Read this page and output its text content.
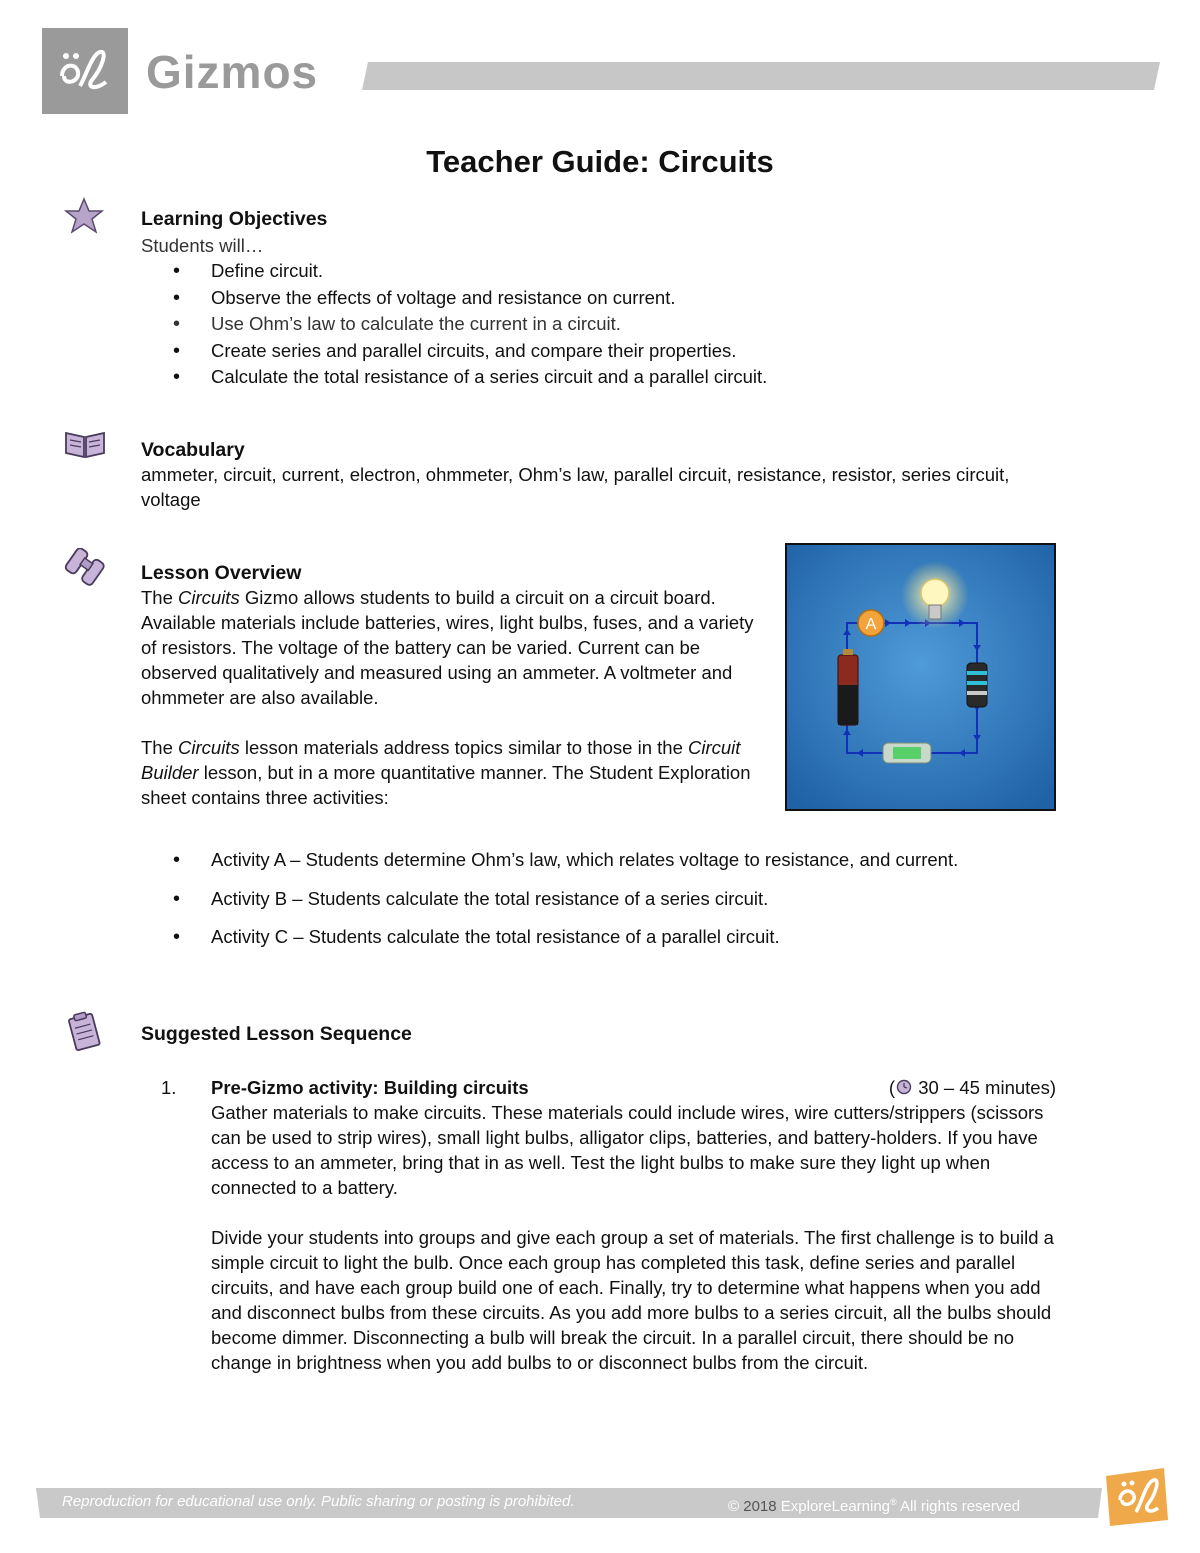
Gizmos
Teacher Guide: Circuits
Learning Objectives
Students will…
• Define circuit.
• Observe the effects of voltage and resistance on current.
• Use Ohm’s law to calculate the current in a circuit.
• Create series and parallel circuits, and compare their properties.
• Calculate the total resistance of a series circuit and a parallel circuit.
Vocabulary
ammeter, circuit, current, electron, ohmmeter, Ohm’s law, parallel circuit, resistance, resistor, series circuit, voltage
Lesson Overview
The Circuits Gizmo allows students to build a circuit on a circuit board. Available materials include batteries, wires, light bulbs, fuses, and a variety of resistors. The voltage of the battery can be varied. Current can be observed qualitatively and measured using an ammeter. A voltmeter and ohmmeter are also available.
The Circuits lesson materials address topics similar to those in the Circuit Builder lesson, but in a more quantitative manner. The Student Exploration sheet contains three activities:
A
• Activity A – Students determine Ohm’s law, which relates voltage to resistance, and current.
• Activity B – Students calculate the total resistance of a series circuit.
• Activity C – Students calculate the total resistance of a parallel circuit.
Suggested Lesson Sequence
1. Pre-Gizmo activity: Building circuits	( 30 – 45 minutes)
Gather materials to make circuits. These materials could include wires, wire cutters/strippers (scissors can be used to strip wires), small light bulbs, alligator clips, batteries, and battery-holders. If you have access to an ammeter, bring that in as well. Test the light bulbs to make sure they light up when connected to a battery.
Divide your students into groups and give each group a set of materials. The first challenge is to build a simple circuit to light the bulb. Once each group has completed this task, define series and parallel circuits, and have each group build one of each. Finally, try to determine what happens when you add and disconnect bulbs from these circuits. As you add more bulbs to a series circuit, all the bulbs should become dimmer. Disconnecting a bulb will break the circuit. In a parallel circuit, there should be no change in brightness when you add bulbs to or disconnect bulbs from the circuit.
Reproduction for educational use only. Public sharing or posting is prohibited.	© 2018 ExploreLearning® All rights reserved
